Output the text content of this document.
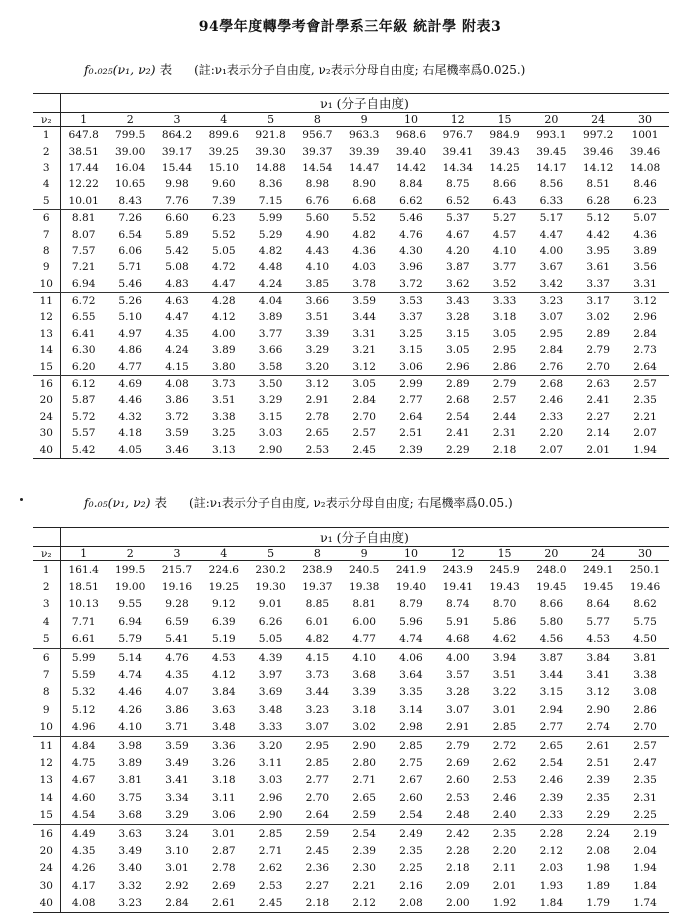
94學年度轉學考會計學系三年級 統計學 附表3
f₀.₀₂₅(ν₁, ν₂) 表 (註:ν₁表示分子自由度, ν₂表示分母自由度; 右尾機率爲0.025.)
	ν₁ (分子自由度)												
ν₂	1	2	3	4	5	8	9	10	12	15	20	24	30
1	647.8	799.5	864.2	899.6	921.8	956.7	963.3	968.6	976.7	984.9	993.1	997.2	1001
2	38.51	39.00	39.17	39.25	39.30	39.37	39.39	39.40	39.41	39.43	39.45	39.46	39.46
3	17.44	16.04	15.44	15.10	14.88	14.54	14.47	14.42	14.34	14.25	14.17	14.12	14.08
4	12.22	10.65	9.98	9.60	8.36	8.98	8.90	8.84	8.75	8.66	8.56	8.51	8.46
5	10.01	8.43	7.76	7.39	7.15	6.76	6.68	6.62	6.52	6.43	6.33	6.28	6.23
6	8.81	7.26	6.60	6.23	5.99	5.60	5.52	5.46	5.37	5.27	5.17	5.12	5.07
7	8.07	6.54	5.89	5.52	5.29	4.90	4.82	4.76	4.67	4.57	4.47	4.42	4.36
8	7.57	6.06	5.42	5.05	4.82	4.43	4.36	4.30	4.20	4.10	4.00	3.95	3.89
9	7.21	5.71	5.08	4.72	4.48	4.10	4.03	3.96	3.87	3.77	3.67	3.61	3.56
10	6.94	5.46	4.83	4.47	4.24	3.85	3.78	3.72	3.62	3.52	3.42	3.37	3.31
11	6.72	5.26	4.63	4.28	4.04	3.66	3.59	3.53	3.43	3.33	3.23	3.17	3.12
12	6.55	5.10	4.47	4.12	3.89	3.51	3.44	3.37	3.28	3.18	3.07	3.02	2.96
13	6.41	4.97	4.35	4.00	3.77	3.39	3.31	3.25	3.15	3.05	2.95	2.89	2.84
14	6.30	4.86	4.24	3.89	3.66	3.29	3.21	3.15	3.05	2.95	2.84	2.79	2.73
15	6.20	4.77	4.15	3.80	3.58	3.20	3.12	3.06	2.96	2.86	2.76	2.70	2.64
16	6.12	4.69	4.08	3.73	3.50	3.12	3.05	2.99	2.89	2.79	2.68	2.63	2.57
20	5.87	4.46	3.86	3.51	3.29	2.91	2.84	2.77	2.68	2.57	2.46	2.41	2.35
24	5.72	4.32	3.72	3.38	3.15	2.78	2.70	2.64	2.54	2.44	2.33	2.27	2.21
30	5.57	4.18	3.59	3.25	3.03	2.65	2.57	2.51	2.41	2.31	2.20	2.14	2.07
40	5.42	4.05	3.46	3.13	2.90	2.53	2.45	2.39	2.29	2.18	2.07	2.01	1.94
f₀.₀₅(ν₁, ν₂) 表 (註:ν₁表示分子自由度, ν₂表示分母自由度; 右尾機率爲0.05.)
	ν₁ (分子自由度)												
ν₂	1	2	3	4	5	8	9	10	12	15	20	24	30
1	161.4	199.5	215.7	224.6	230.2	238.9	240.5	241.9	243.9	245.9	248.0	249.1	250.1
2	18.51	19.00	19.16	19.25	19.30	19.37	19.38	19.40	19.41	19.43	19.45	19.45	19.46
3	10.13	9.55	9.28	9.12	9.01	8.85	8.81	8.79	8.74	8.70	8.66	8.64	8.62
4	7.71	6.94	6.59	6.39	6.26	6.01	6.00	5.96	5.91	5.86	5.80	5.77	5.75
5	6.61	5.79	5.41	5.19	5.05	4.82	4.77	4.74	4.68	4.62	4.56	4.53	4.50
6	5.99	5.14	4.76	4.53	4.39	4.15	4.10	4.06	4.00	3.94	3.87	3.84	3.81
7	5.59	4.74	4.35	4.12	3.97	3.73	3.68	3.64	3.57	3.51	3.44	3.41	3.38
8	5.32	4.46	4.07	3.84	3.69	3.44	3.39	3.35	3.28	3.22	3.15	3.12	3.08
9	5.12	4.26	3.86	3.63	3.48	3.23	3.18	3.14	3.07	3.01	2.94	2.90	2.86
10	4.96	4.10	3.71	3.48	3.33	3.07	3.02	2.98	2.91	2.85	2.77	2.74	2.70
11	4.84	3.98	3.59	3.36	3.20	2.95	2.90	2.85	2.79	2.72	2.65	2.61	2.57
12	4.75	3.89	3.49	3.26	3.11	2.85	2.80	2.75	2.69	2.62	2.54	2.51	2.47
13	4.67	3.81	3.41	3.18	3.03	2.77	2.71	2.67	2.60	2.53	2.46	2.39	2.35
14	4.60	3.75	3.34	3.11	2.96	2.70	2.65	2.60	2.53	2.46	2.39	2.35	2.31
15	4.54	3.68	3.29	3.06	2.90	2.64	2.59	2.54	2.48	2.40	2.33	2.29	2.25
16	4.49	3.63	3.24	3.01	2.85	2.59	2.54	2.49	2.42	2.35	2.28	2.24	2.19
20	4.35	3.49	3.10	2.87	2.71	2.45	2.39	2.35	2.28	2.20	2.12	2.08	2.04
24	4.26	3.40	3.01	2.78	2.62	2.36	2.30	2.25	2.18	2.11	2.03	1.98	1.94
30	4.17	3.32	2.92	2.69	2.53	2.27	2.21	2.16	2.09	2.01	1.93	1.89	1.84
40	4.08	3.23	2.84	2.61	2.45	2.18	2.12	2.08	2.00	1.92	1.84	1.79	1.74
